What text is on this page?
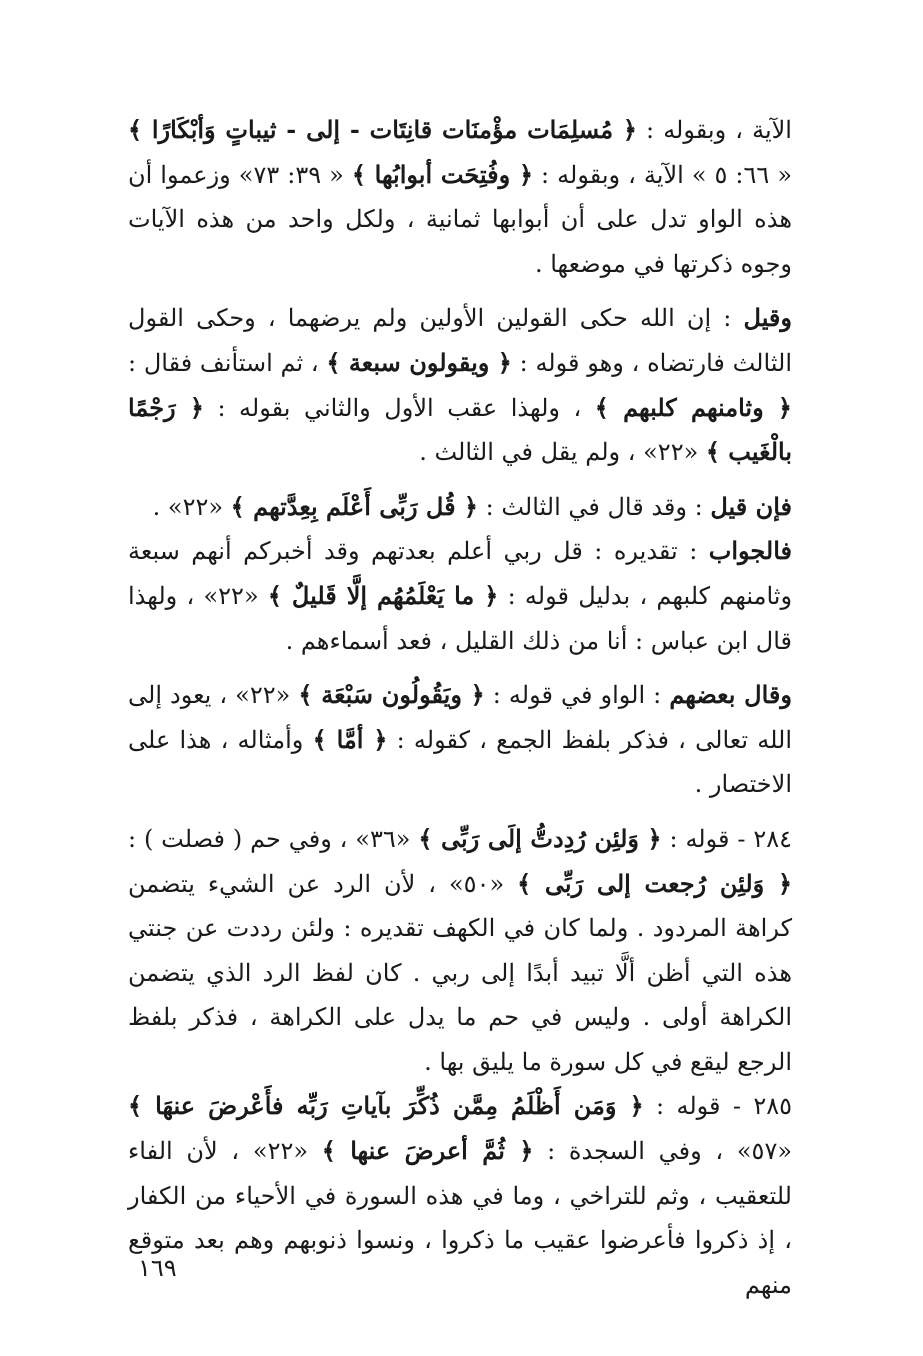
الآية ، وبقوله : ﴿ مُسلِمَات مؤْمنَات قانِتَات - إلى - ثيباتٍ وَأبْكَارًا ﴾ « ٦٦: ٥ » الآية ، وبقوله : ﴿ وفُتِحَت أبوابُها ﴾ « ٣٩: ٧٣» وزعموا أن هذه الواو تدل على أن أبوابها ثمانية ، ولكل واحد من هذه الآيات وجوه ذكرتها في موضعها .

وقيل : إن الله حكى القولين الأولين ولم يرضهما ، وحكى القول الثالث فارتضاه ، وهو قوله : ﴿ ويقولون سبعة ﴾ ، ثم استأنف فقال : ﴿ وثامنهم كلبهم ﴾ ، ولهذا عقب الأول والثاني بقوله : ﴿ رَجْمًا بالْغَيب ﴾ «٢٢» ، ولم يقل في الثالث .

فإن قيل : وقد قال في الثالث : ﴿ قُل رَبِّى أَعْلَم بِعِدَّتهم ﴾ «٢٢» .

فالجواب : تقديره : قل ربي أعلم بعدتهم وقد أخبركم أنهم سبعة وثامنهم كلبهم ، بدليل قوله : ﴿ ما يَعْلَمُهُم إلَّا قَليلٌ ﴾ «٢٢» ، ولهذا قال ابن عباس : أنا من ذلك القليل ، فعد أسماءهم .

وقال بعضهم : الواو في قوله : ﴿ ويَقُولُون سَبْعَة ﴾ «٢٢» ، يعود إلى الله تعالى ، فذكر بلفظ الجمع ، كقوله : ﴿ أمَّا ﴾ وأمثاله ، هذا على الاختصار .

٢٨٤ - قوله : ﴿ وَلئِن رُدِدتُّ إلَى رَبِّى ﴾ «٣٦» ، وفي حم ( فصلت ) : ﴿ وَلئِن رُجعت إلى رَبِّى ﴾ «٥٠» ، لأن الرد عن الشيء يتضمن كراهة المردود . ولما كان في الكهف تقديره : ولئن رددت عن جنتي هذه التي أظن ألَّا تبيد أبدًا إلى ربي . كان لفظ الرد الذي يتضمن الكراهة أولى . وليس في حم ما يدل على الكراهة ، فذكر بلفظ الرجع ليقع في كل سورة ما يليق بها .

٢٨٥ - قوله : ﴿ وَمَن أَظْلَمُ مِمَّن ذُكِّرَ بآياتِ رَبِّه فأَعْرضَ عنهَا ﴾ «٥٧» ، وفي السجدة : ﴿ ثُمَّ أعرضَ عنها ﴾ «٢٢» ، لأن الفاء للتعقيب ، وثم للتراخي ، وما في هذه السورة في الأحياء من الكفار ، إذ ذكروا فأعرضوا عقيب ما ذكروا ، ونسوا ذنوبهم وهم بعد متوقع منهم

١٦٩
